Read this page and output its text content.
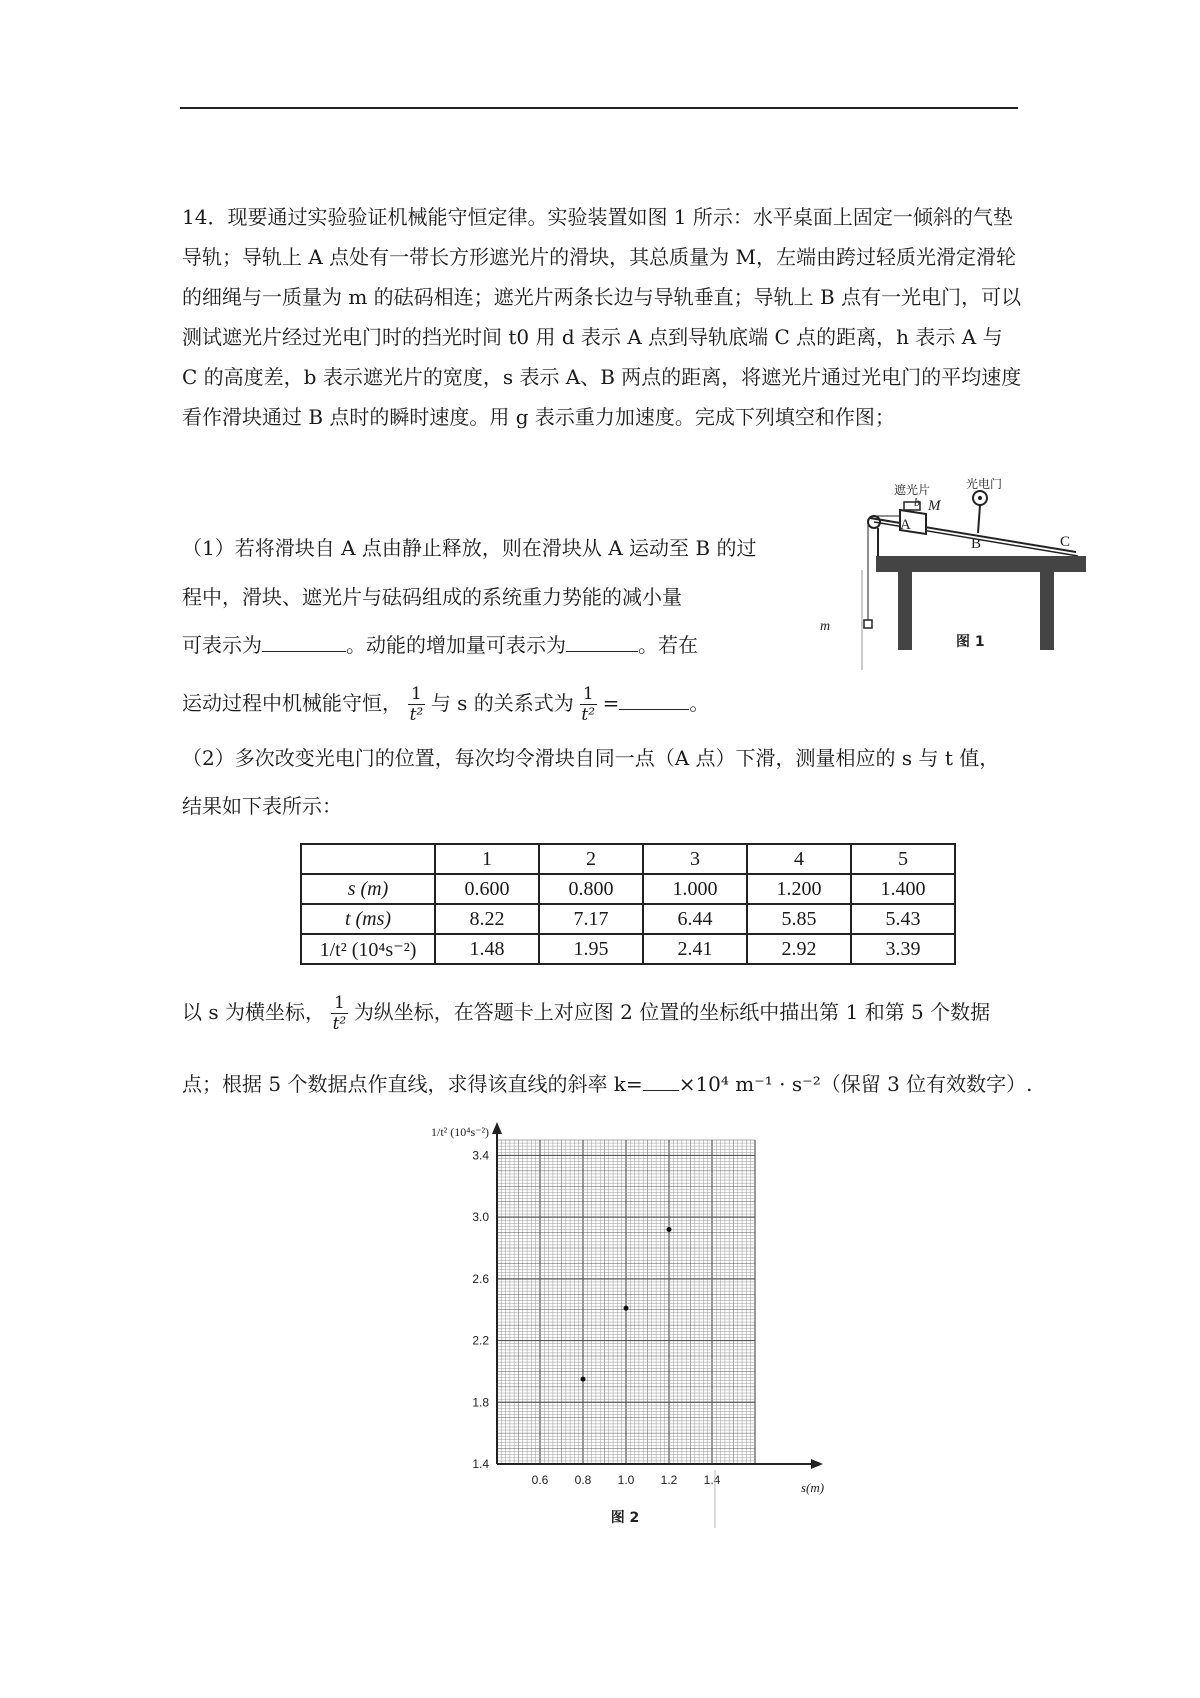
14．现要通过实验验证机械能守恒定律。实验装置如图 1 所示：水平桌面上固定一倾斜的气垫导轨；导轨上 A 点处有一带长方形遮光片的滑块，其总质量为 M，左端由跨过轻质光滑定滑轮的细绳与一质量为 m 的砝码相连；遮光片两条长边与导轨垂直；导轨上 B 点有一光电门，可以测试遮光片经过光电门时的挡光时间 t0 用 d 表示 A 点到导轨底端 C 点的距离，h 表示 A 与 C 的高度差，b 表示遮光片的宽度，s 表示 A、B 两点的距离，将遮光片通过光电门的平均速度看作滑块通过 B 点时的瞬时速度。用 g 表示重力加速度。完成下列填空和作图；
（1）若将滑块自 A 点由静止释放，则在滑块从 A 运动至 B 的过
程中，滑块、遮光片与砝码组成的系统重力势能的减小量
可表示为	。动能的增加量可表示为	。若在
运动过程中机械能守恒， $\frac{1}{\text{t²}}$ 与 s 的关系式为 $\frac{1}{\text{t²}}$ =	。
（2）多次改变光电门的位置，每次均令滑块自同一点（A 点）下滑，测量相应的 s 与 t 值，
结果如下表所示：
	1	2	3	4	5
s (m)	0.600	0.800	1.000	1.200	1.400
t (ms)	8.22	7.17	6.44	5.85	5.43
1/t² (10⁴s⁻²)	1.48	1.95	2.41	2.92	3.39
以 s 为横坐标， $\frac{1}{\text{t²}}$ 为纵坐标，在答题卡上对应图 2 位置的坐标纸中描出第 1 和第 5 个数据
点；根据 5 个数据点作直线，求得该直线的斜率 k= ×10⁴ m⁻¹ · s⁻²（保留 3 位有效数字）.
m
遮光片
b
光电门
A
M
B	C
图 1
1/t² (10⁴s⁻²)
s(m)
1.4
1.8
2.2
2.6
3.0
3.4
0.6 0.8 1.0 1.2 1.4
图 2
